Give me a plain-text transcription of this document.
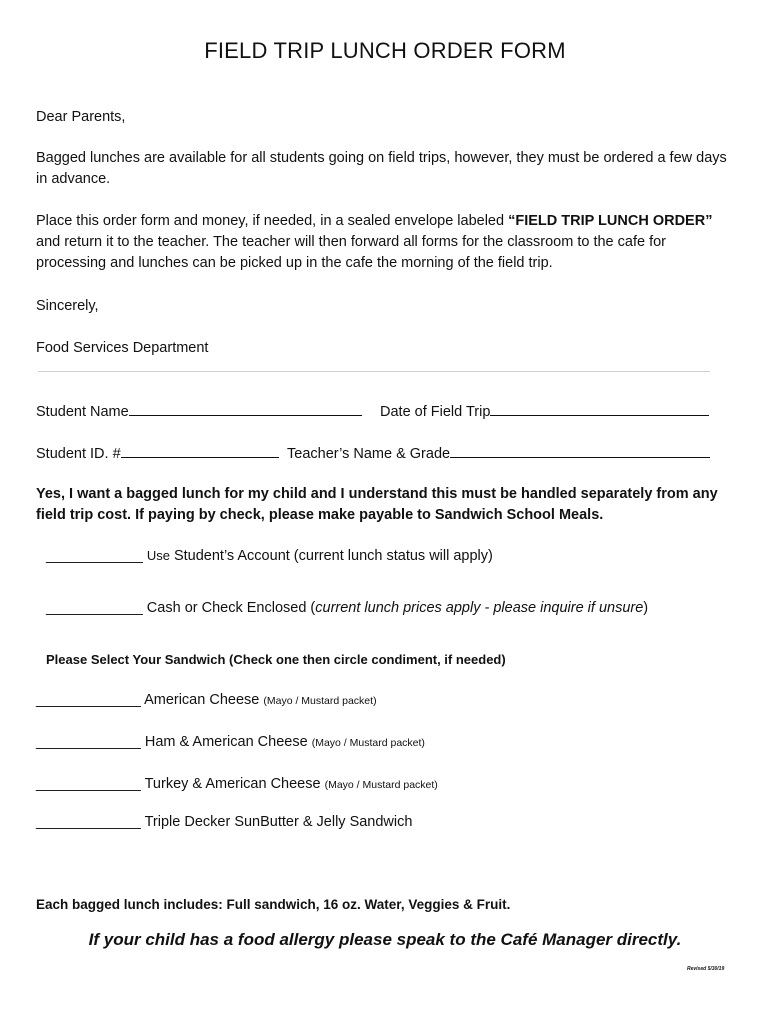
FIELD TRIP LUNCH ORDER FORM
Dear Parents,
Bagged lunches are available for all students going on field trips, however, they must be ordered a few days in advance.
Place this order form and money, if needed, in a sealed envelope labeled “FIELD TRIP LUNCH ORDER” and return it to the teacher. The teacher will then forward all forms for the classroom to the cafe for processing and lunches can be picked up in the cafe the morning of the field trip.
Sincerely,
Food Services Department
Student Name	Date of Field Trip
Student ID. #	Teacher’s Name & Grade
Yes, I want a bagged lunch for my child and I understand this must be handled separately from any field trip cost. If paying by check, please make payable to Sandwich School Meals.
____________ Use Student’s Account (current lunch status will apply)
____________ Cash or Check Enclosed (current lunch prices apply - please inquire if unsure)
Please Select Your Sandwich (Check one then circle condiment, if needed)
_____________ American Cheese (Mayo / Mustard packet)
_____________ Ham & American Cheese (Mayo / Mustard packet)
_____________ Turkey & American Cheese (Mayo / Mustard packet)
_____________ Triple Decker SunButter & Jelly Sandwich
Each bagged lunch includes: Full sandwich, 16 oz. Water, Veggies & Fruit.
If your child has a food allergy please speak to the Café Manager directly.
Revised 5/30/19
